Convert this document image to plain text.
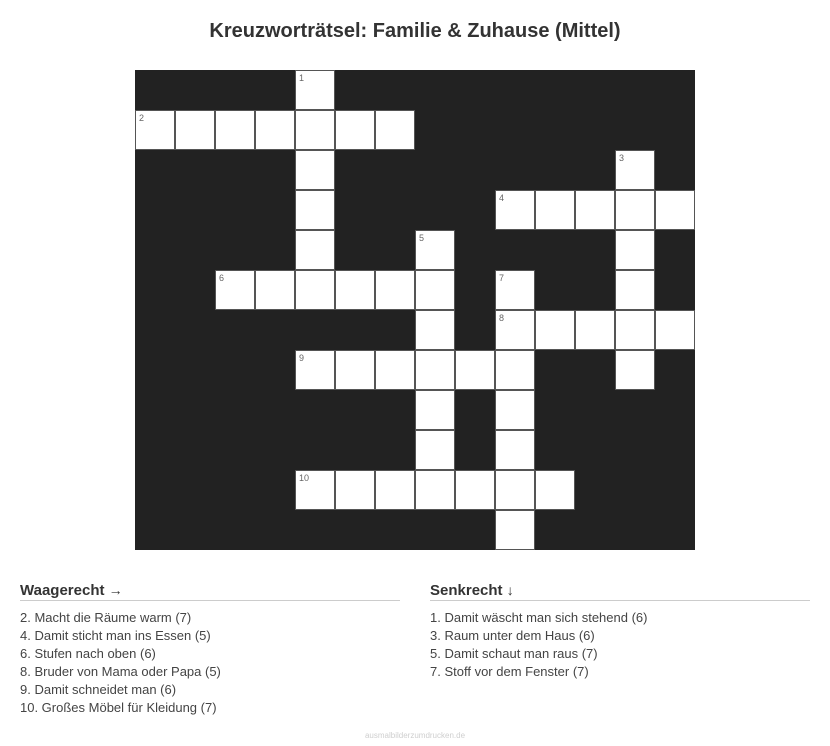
Kreuzworträtsel: Familie & Zuhause (Mittel)
1
2
3
4
5
6	7
8
9
10
Waagerecht →
2. Macht die Räume warm (7)
4. Damit sticht man ins Essen (5)
6. Stufen nach oben (6)
8. Bruder von Mama oder Papa (5)
9. Damit schneidet man (6)
10. Großes Möbel für Kleidung (7)
Senkrecht ↓
1. Damit wäscht man sich stehend (6)
3. Raum unter dem Haus (6)
5. Damit schaut man raus (7)
7. Stoff vor dem Fenster (7)
ausmalbilderzumdrucken.de
